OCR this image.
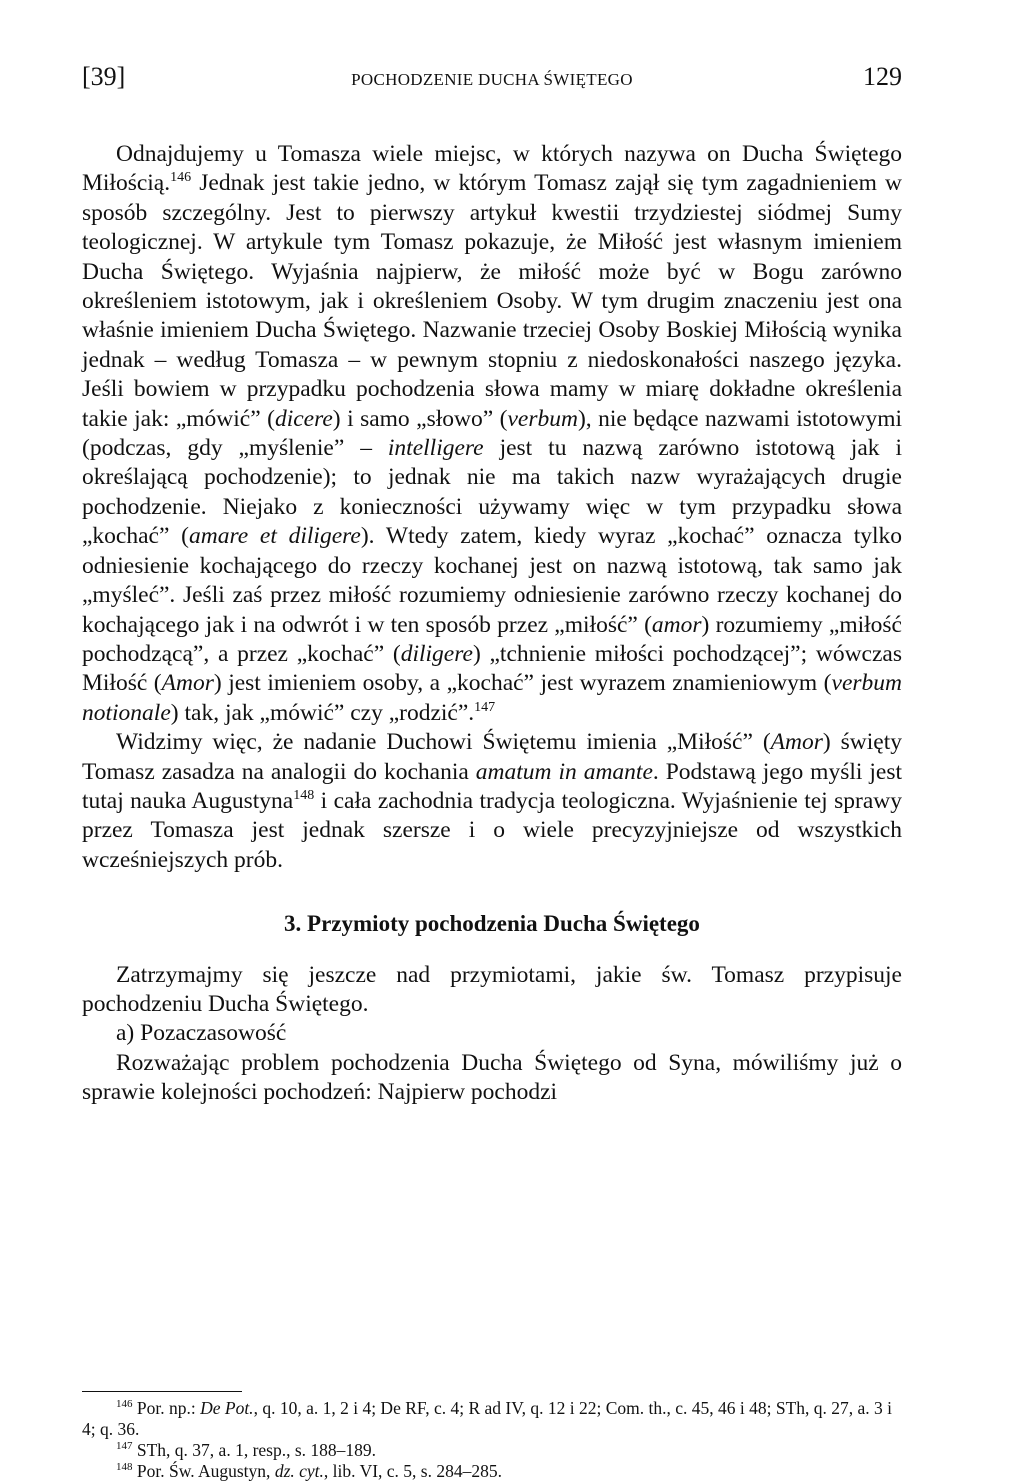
[39]	POCHODZENIE DUCHA ŚWIĘTEGO	129

Odnajdujemy u Tomasza wiele miejsc, w których nazywa on Ducha Świętego Miłością.$^{146}$ Jednak jest takie jedno, w którym Tomasz zajął się tym zagadnieniem w sposób szczególny. Jest to pierwszy artykuł kwestii trzydziestej siódmej Sumy teologicznej. W artykule tym Tomasz pokazuje, że Miłość jest własnym imieniem Ducha Świętego. Wyjaśnia najpierw, że miłość może być w Bogu zarówno określeniem istotowym, jak i określeniem Osoby. W tym drugim znaczeniu jest ona właśnie imieniem Ducha Świętego. Nazwanie trzeciej Osoby Boskiej Miłością wynika jednak – według Tomasza – w pewnym stopniu z niedoskonałości naszego języka. Jeśli bowiem w przypadku pochodzenia słowa mamy w miarę dokładne określenia takie jak: „mówić” (dicere) i samo „słowo” (verbum), nie będące nazwami istotowymi (podczas, gdy „myślenie” – intelligere jest tu nazwą zarówno istotową jak i określającą pochodzenie); to jednak nie ma takich nazw wyrażających drugie pochodzenie. Niejako z konieczności używamy więc w tym przypadku słowa „kochać” (amare et diligere). Wtedy zatem, kiedy wyraz „kochać” oznacza tylko odniesienie kochającego do rzeczy kochanej jest on nazwą istotową, tak samo jak „myśleć”. Jeśli zaś przez miłość rozumiemy odniesienie zarówno rzeczy kochanej do kochającego jak i na odwrót i w ten sposób przez „miłość” (amor) rozumiemy „miłość pochodzącą”, a przez „kochać” (diligere) „tchnienie miłości pochodzącej”; wówczas Miłość (Amor) jest imieniem osoby, a „kochać” jest wyrazem znamieniowym (verbum notionale) tak, jak „mówić” czy „rodzić”.$^{147}$

Widzimy więc, że nadanie Duchowi Świętemu imienia „Miłość” (Amor) święty Tomasz zasadza na analogii do kochania amatum in amante. Podstawą jego myśli jest tutaj nauka Augustyna$^{148}$ i cała zachodnia tradycja teologiczna. Wyjaśnienie tej sprawy przez Tomasza jest jednak szersze i o wiele precyzyjniejsze od wszystkich wcześniejszych prób.

3. Przymioty pochodzenia Ducha Świętego

Zatrzymajmy się jeszcze nad przymiotami, jakie św. Tomasz przypisuje pochodzeniu Ducha Świętego.

a) Pozaczasowość

Rozważając problem pochodzenia Ducha Świętego od Syna, mówiliśmy już o sprawie kolejności pochodzeń: Najpierw pochodzi

$^{146}$ Por. np.: De Pot., q. 10, a. 1, 2 i 4; De RF, c. 4; R ad IV, q. 12 i 22; Com. th., c. 45, 46 i 48; STh, q. 27, a. 3 i 4; q. 36.

$^{147}$ STh, q. 37, a. 1, resp., s. 188–189.

$^{148}$ Por. Św. Augustyn, dz. cyt., lib. VI, c. 5, s. 284–285.
